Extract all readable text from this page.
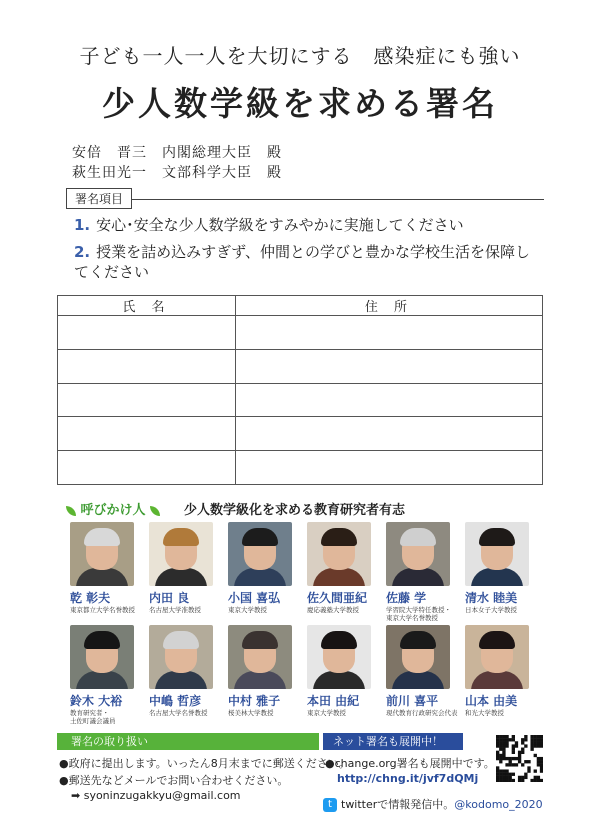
子ども一人一人を大切にする　感染症にも強い
少人数学級を求める署名
安倍　晋三　内閣総理大臣　殿
萩生田光一　文部科学大臣　殿
署名項目
1. 安心･安全な少人数学級をすみやかに実施してください
2. 授業を詰め込みすぎず、仲間との学びと豊かな学校生活を保障してください
氏 名	住 所

呼びかけ人	少人数学級化を求める教育研究者有志
乾 彰夫
東京都立大学名誉教授
内田 良
名古屋大学准教授
小国 喜弘
東京大学教授
佐久間亜紀
慶応義塾大学教授
佐藤 学
学習院大学特任教授・
東京大学名誉教授
清水 睦美
日本女子大学教授
鈴木 大裕
教育研究者・
土佐町議会議員
中嶋 哲彦
名古屋大学名誉教授
中村 雅子
桜美林大学教授
本田 由紀
東京大学教授
前川 喜平
現代教育行政研究会代表
山本 由美
和光大学教授
署名の取り扱い
●政府に提出します。いったん8月末までに郵送ください。
●郵送先などメールでお問い合わせください。
➡ syoninzugakkyu@gmail.com
ネット署名も展開中！
●change.org署名も展開中です。
http://chng.it/jvf7dQMj
t twitterで情報発信中。@kodomo_2020
